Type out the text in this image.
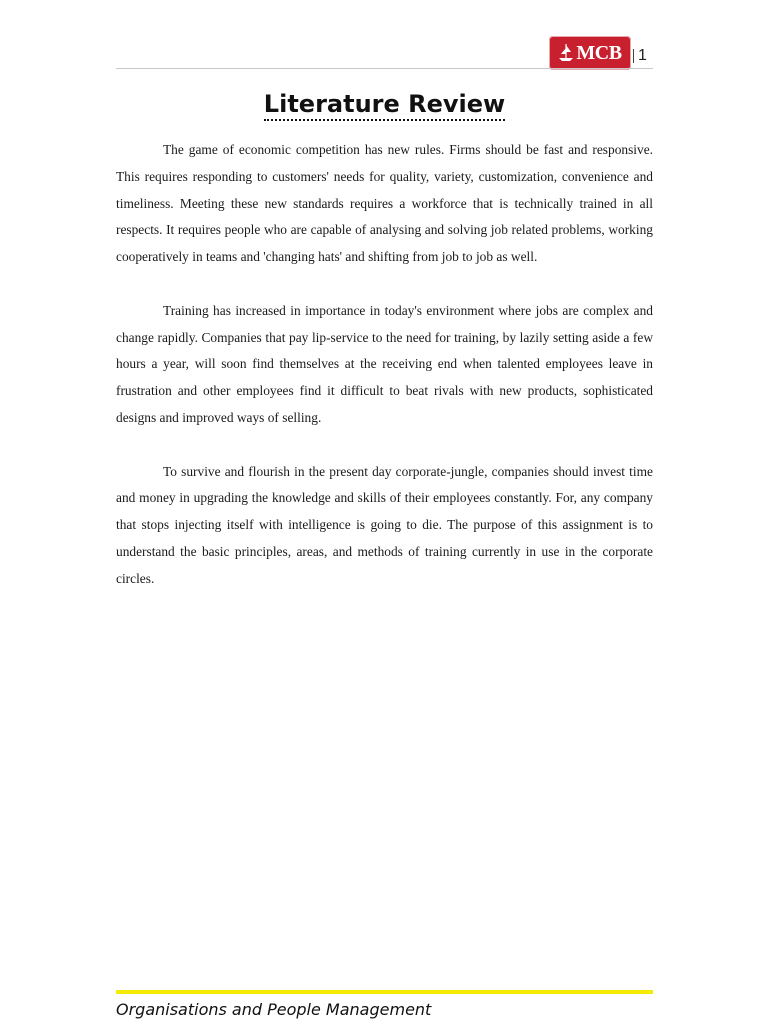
MCB 1
Literature Review

The game of economic competition has new rules. Firms should be fast and responsive. This requires responding to customers' needs for quality, variety, customization, convenience and timeliness. Meeting these new standards requires a workforce that is technically trained in all respects. It requires people who are capable of analysing and solving job related problems, working cooperatively in teams and 'changing hats' and shifting from job to job as well.

Training has increased in importance in today's environment where jobs are complex and change rapidly. Companies that pay lip-service to the need for training, by lazily setting aside a few hours a year, will soon find themselves at the receiving end when talented employees leave in frustration and other employees find it difficult to beat rivals with new products, sophisticated designs and improved ways of selling.

To survive and flourish in the present day corporate-jungle, companies should invest time and money in upgrading the knowledge and skills of their employees constantly. For, any company that stops injecting itself with intelligence is going to die. The purpose of this assignment is to understand the basic principles, areas, and methods of training currently in use in the corporate circles.

Organisations and People Management
